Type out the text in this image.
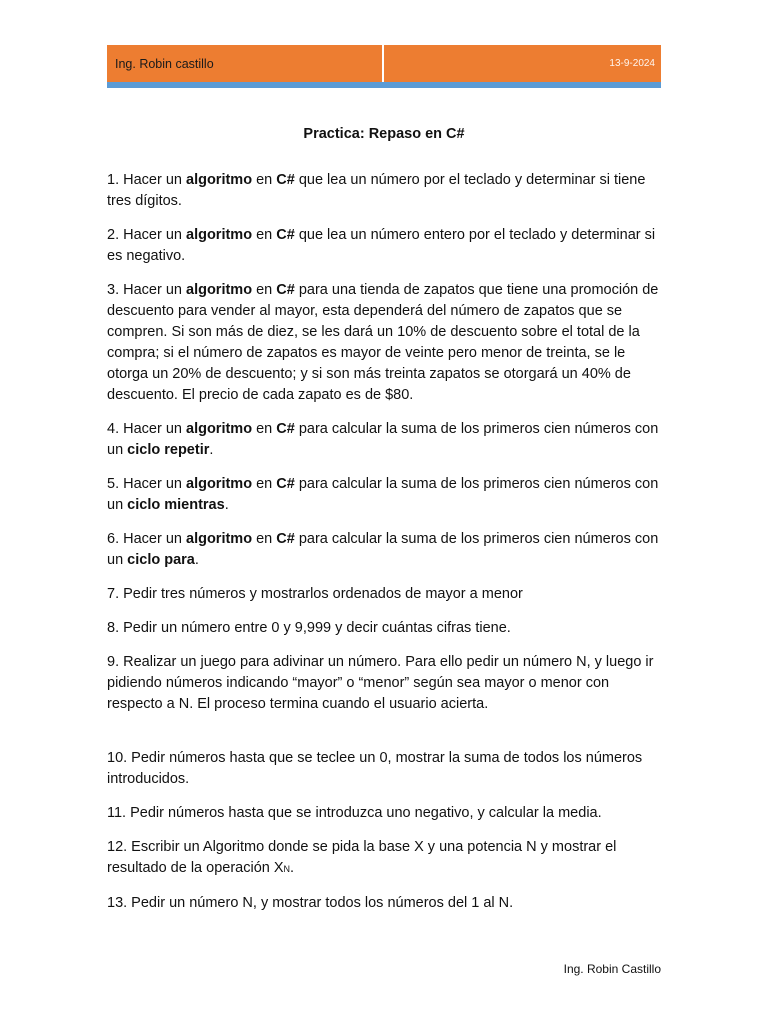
Ing. Robin castillo	13-9-2024
Practica: Repaso en C#

1. Hacer un algoritmo en C# que lea un número por el teclado y determinar si tiene tres dígitos.

2. Hacer un algoritmo en C# que lea un número entero por el teclado y determinar si es negativo.

3. Hacer un algoritmo en C# para una tienda de zapatos que tiene una promoción de descuento para vender al mayor, esta dependerá del número de zapatos que se compren. Si son más de diez, se les dará un 10% de descuento sobre el total de la compra; si el número de zapatos es mayor de veinte pero menor de treinta, se le otorga un 20% de descuento; y si son más treinta zapatos se otorgará un 40% de descuento. El precio de cada zapato es de $80.

4. Hacer un algoritmo en C# para calcular la suma de los primeros cien números con un ciclo repetir.

5. Hacer un algoritmo en C# para calcular la suma de los primeros cien números con un ciclo mientras.

6. Hacer un algoritmo en C# para calcular la suma de los primeros cien números con un ciclo para.

7. Pedir tres números y mostrarlos ordenados de mayor a menor

8. Pedir un número entre 0 y 9,999 y decir cuántas cifras tiene.

9. Realizar un juego para adivinar un número. Para ello pedir un número N, y luego ir pidiendo números indicando “mayor” o “menor” según sea mayor o menor con respecto a N. El proceso termina cuando el usuario acierta.

10. Pedir números hasta que se teclee un 0, mostrar la suma de todos los números introducidos.

11. Pedir números hasta que se introduzca uno negativo, y calcular la media.

12. Escribir un Algoritmo donde se pida la base X y una potencia N y mostrar el resultado de la operación XN.

13. Pedir un número N, y mostrar todos los números del 1 al N.

Ing. Robin Castillo
